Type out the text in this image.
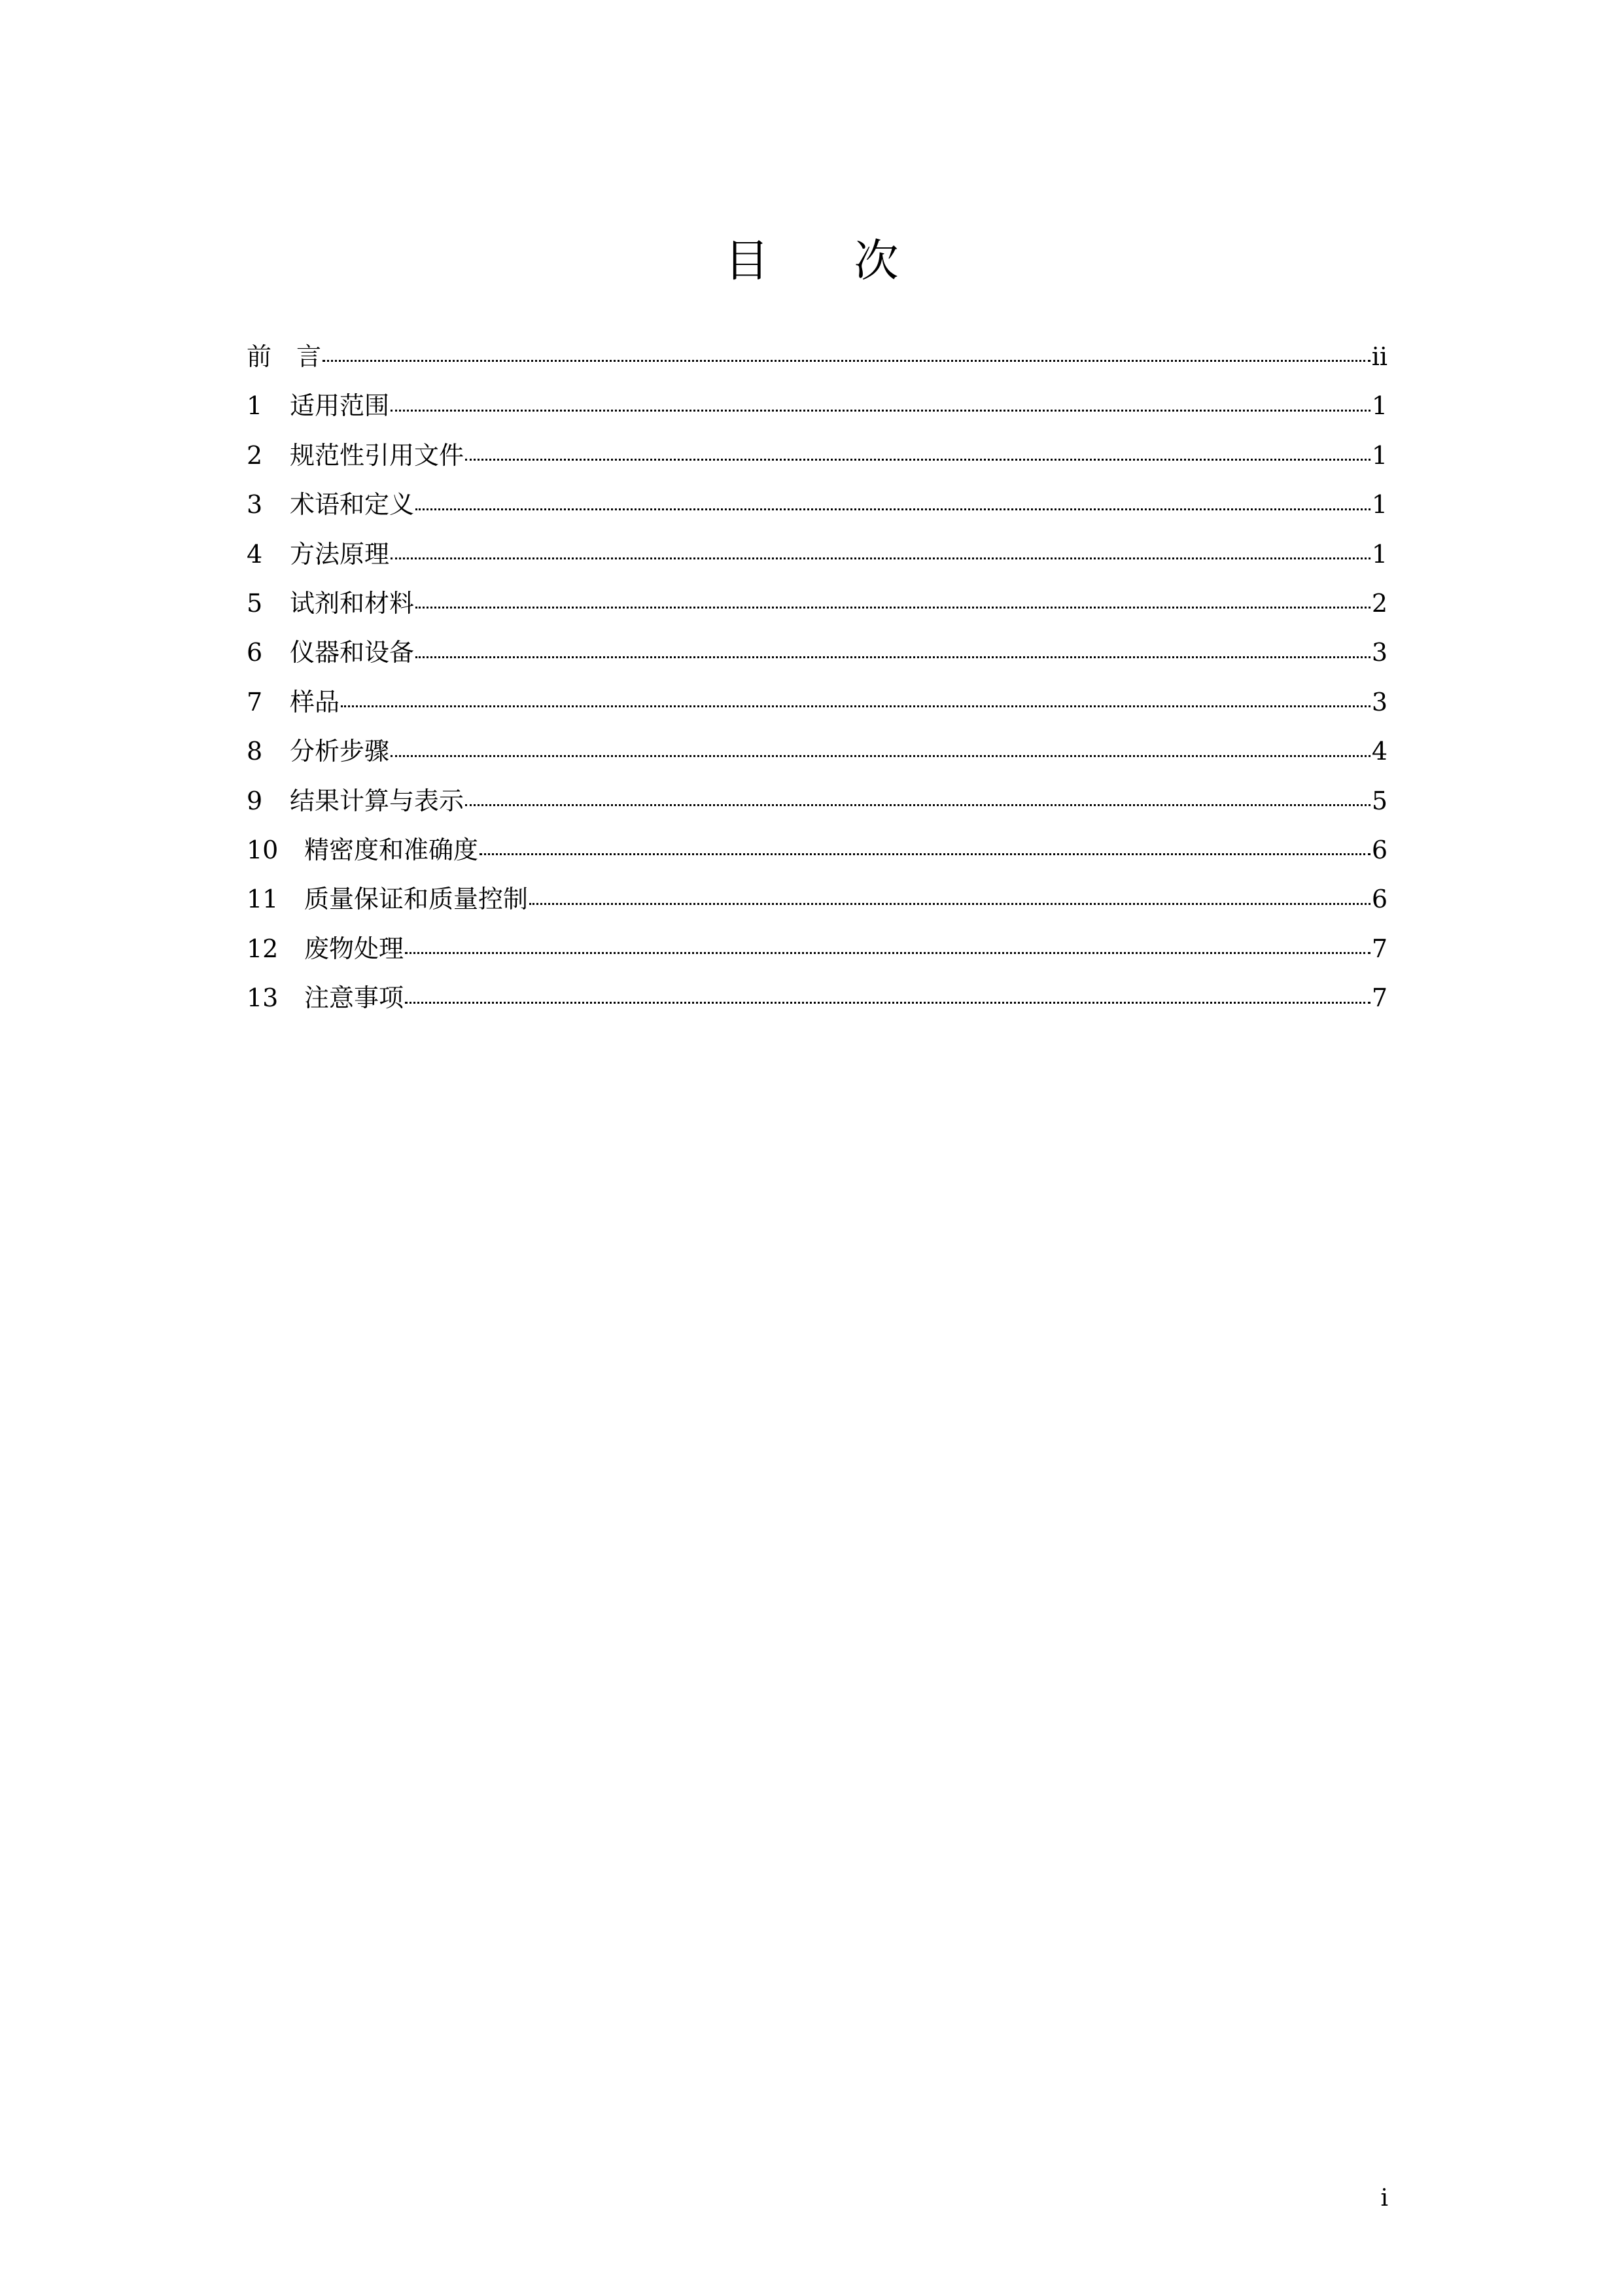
目 次
前　言	ii
1	适用范围	1
2	规范性引用文件	1
3	术语和定义	1
4	方法原理	1
5	试剂和材料	2
6	仪器和设备	3
7	样品	3
8	分析步骤	4
9	结果计算与表示	5
10	精密度和准确度	6
11	质量保证和质量控制	6
12	废物处理	7
13	注意事项	7
i
